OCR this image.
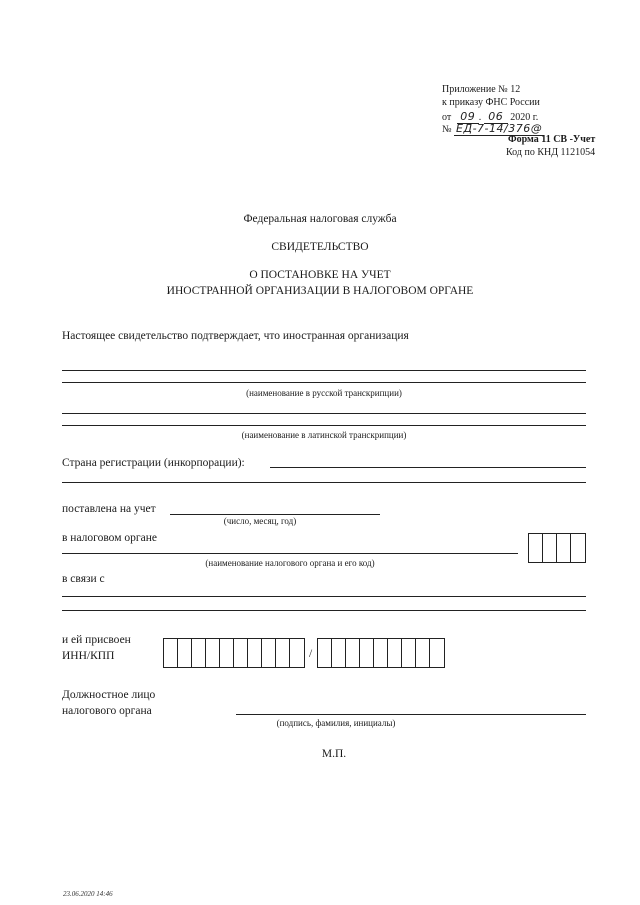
Приложение № 12
к приказу ФНС России
от 09 . 06 2020 г.
№ ЕД-7-14/376@
Форма 11 СВ -Учет
Код по КНД 1121054
Федеральная налоговая служба
СВИДЕТЕЛЬСТВО
О ПОСТАНОВКЕ НА УЧЕТ
ИНОСТРАННОЙ ОРГАНИЗАЦИИ В НАЛОГОВОМ ОРГАНЕ
Настоящее свидетельство подтверждает, что иностранная организация
(наименование в русской транскрипции)
(наименование в латинской транскрипции)
Страна регистрации (инкорпорации):
поставлена на учет
(число, месяц, год)
в налоговом органе
(наименование налогового органа и его код)
в связи с
и ей присвоен
ИНН/КПП	/
Должностное лицо
налогового органа
(подпись, фамилия, инициалы)
М.П.
23.06.2020 14:46
